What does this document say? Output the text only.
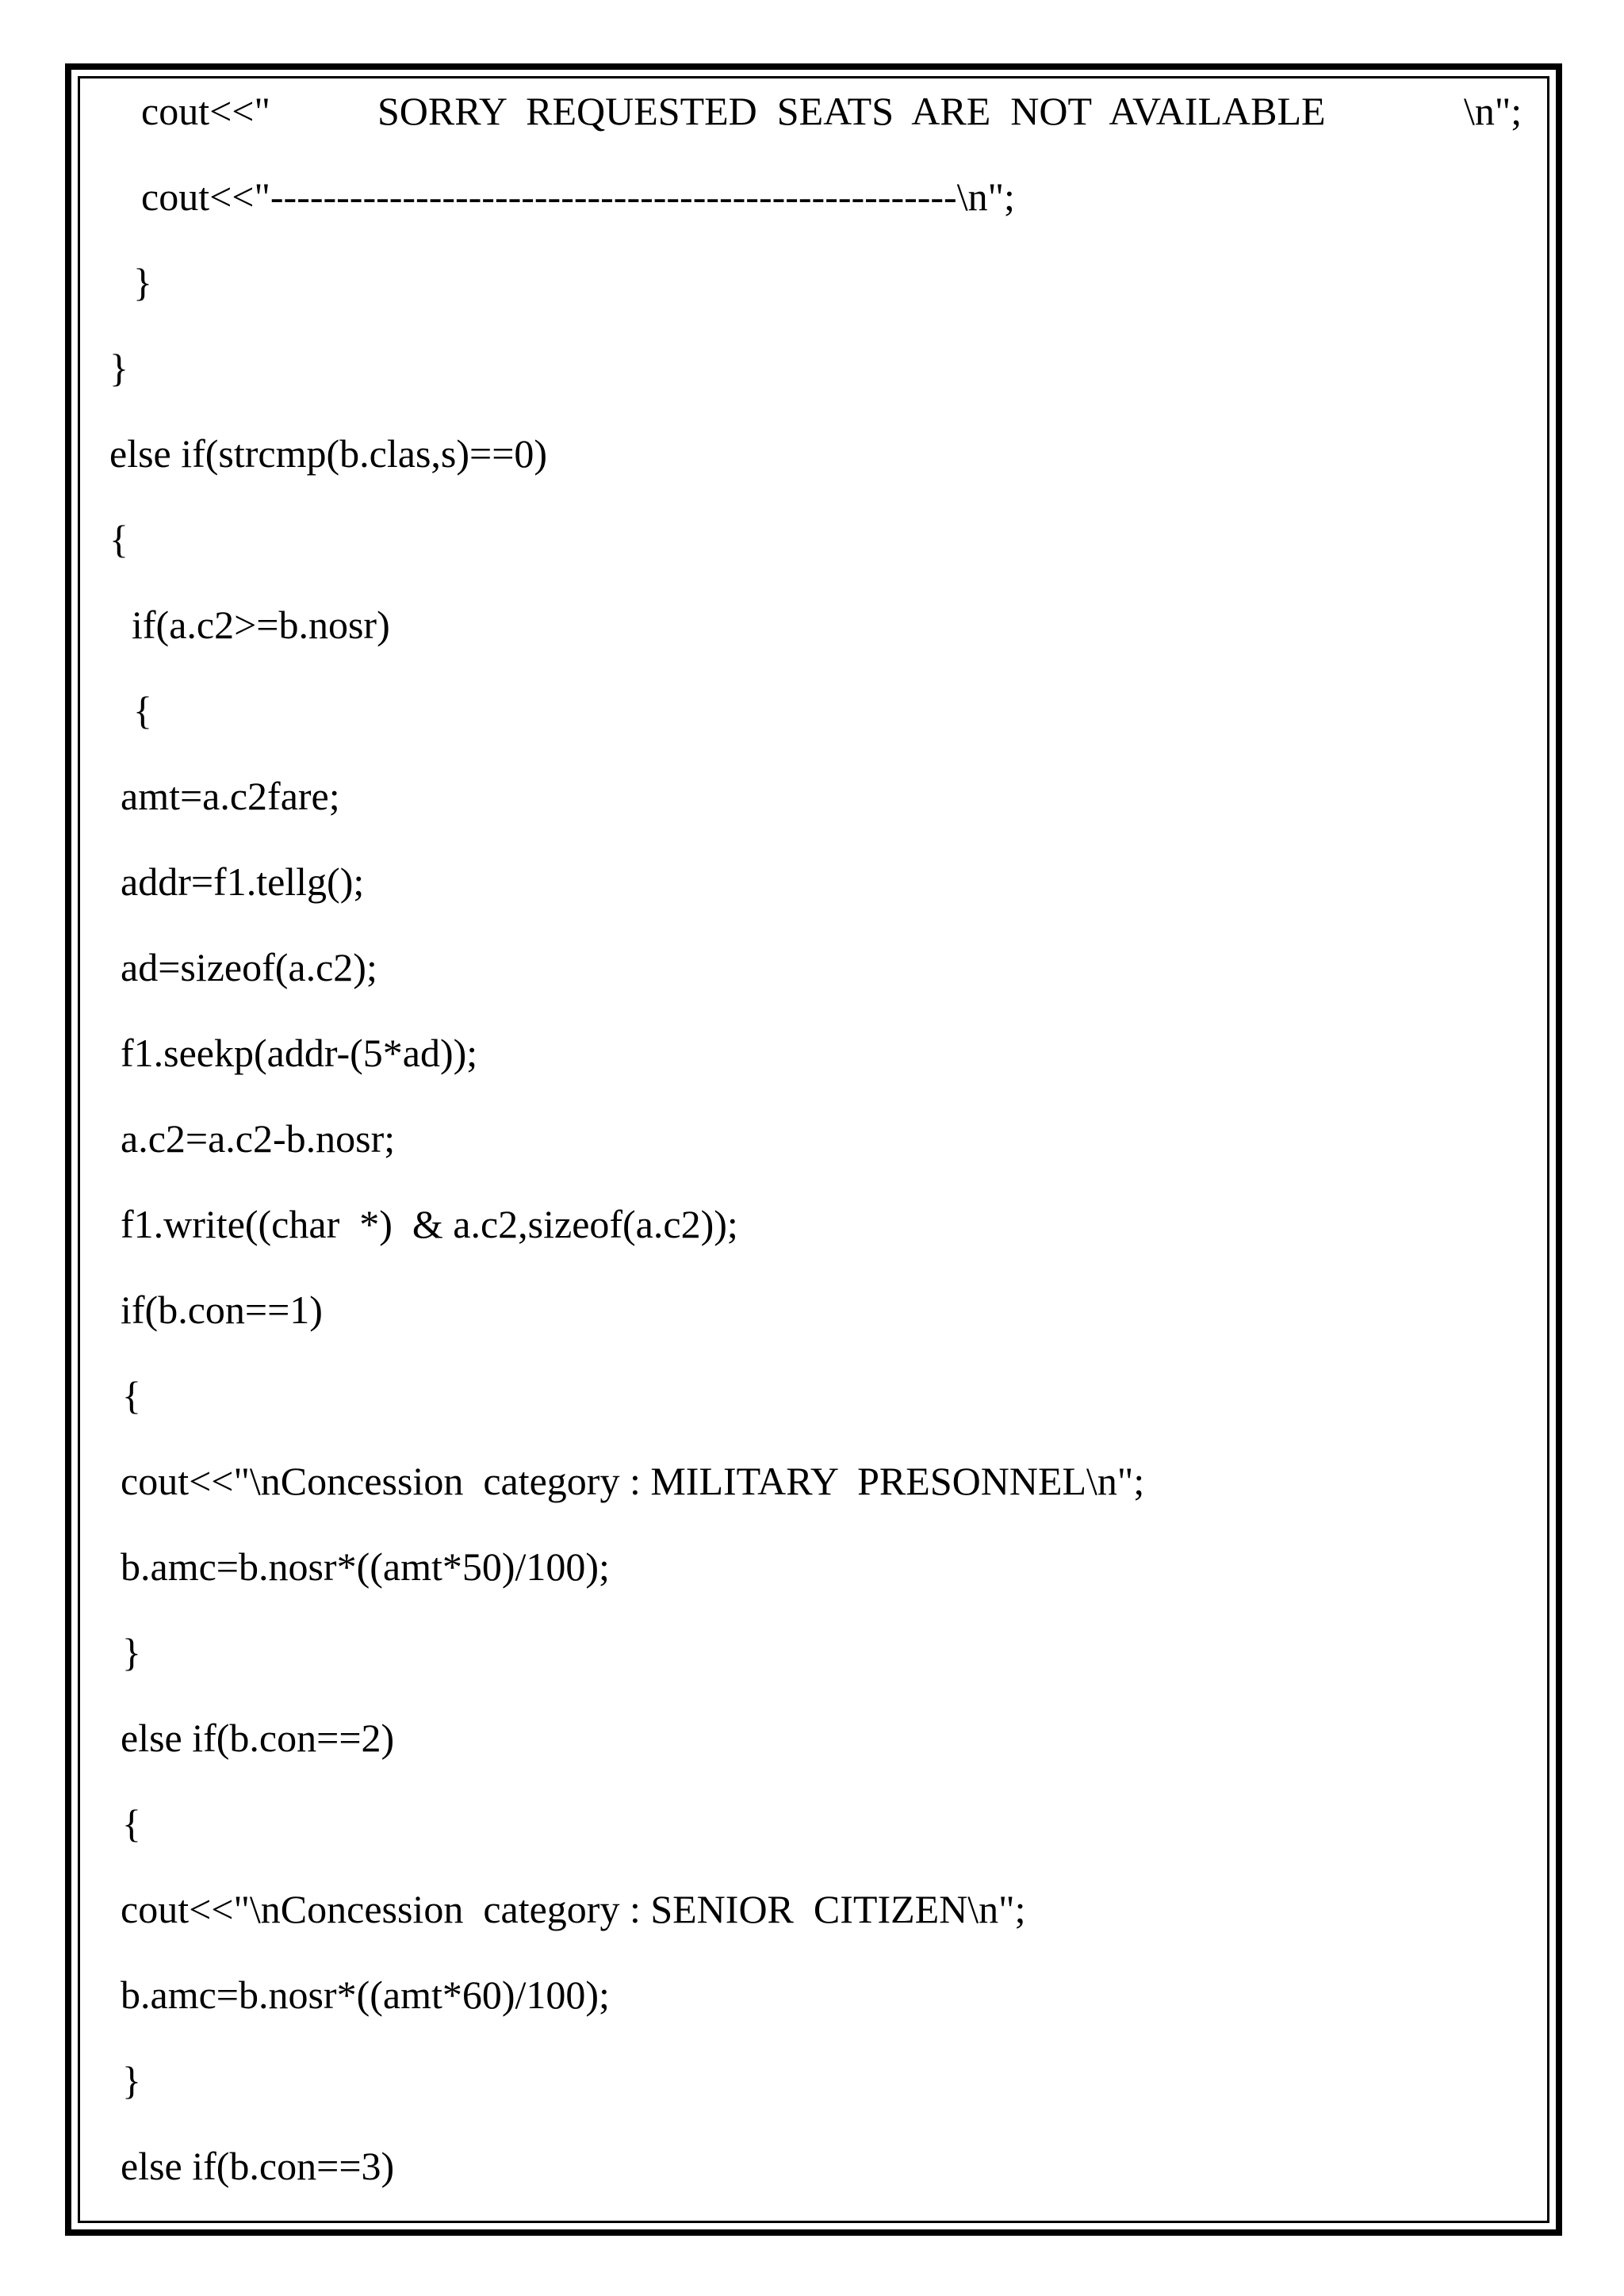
cout<<"	SORRY  REQUESTED  SEATS  ARE  NOT  AVAILABLE	\n";
cout<<"----------------------------------------------------\n";
}
}
else if(strcmp(b.clas,s)==0)
{
if(a.c2>=b.nosr)
{
amt=a.c2fare;
addr=f1.tellg();
ad=sizeof(a.c2);
f1.seekp(addr-(5*ad));
a.c2=a.c2-b.nosr;
f1.write((char  *)  & a.c2,sizeof(a.c2));
if(b.con==1)
{
cout<<"\nConcession  category : MILITARY  PRESONNEL\n";
b.amc=b.nosr*((amt*50)/100);
}
else if(b.con==2)
{
cout<<"\nConcession  category : SENIOR  CITIZEN\n";
b.amc=b.nosr*((amt*60)/100);
}
else if(b.con==3)
